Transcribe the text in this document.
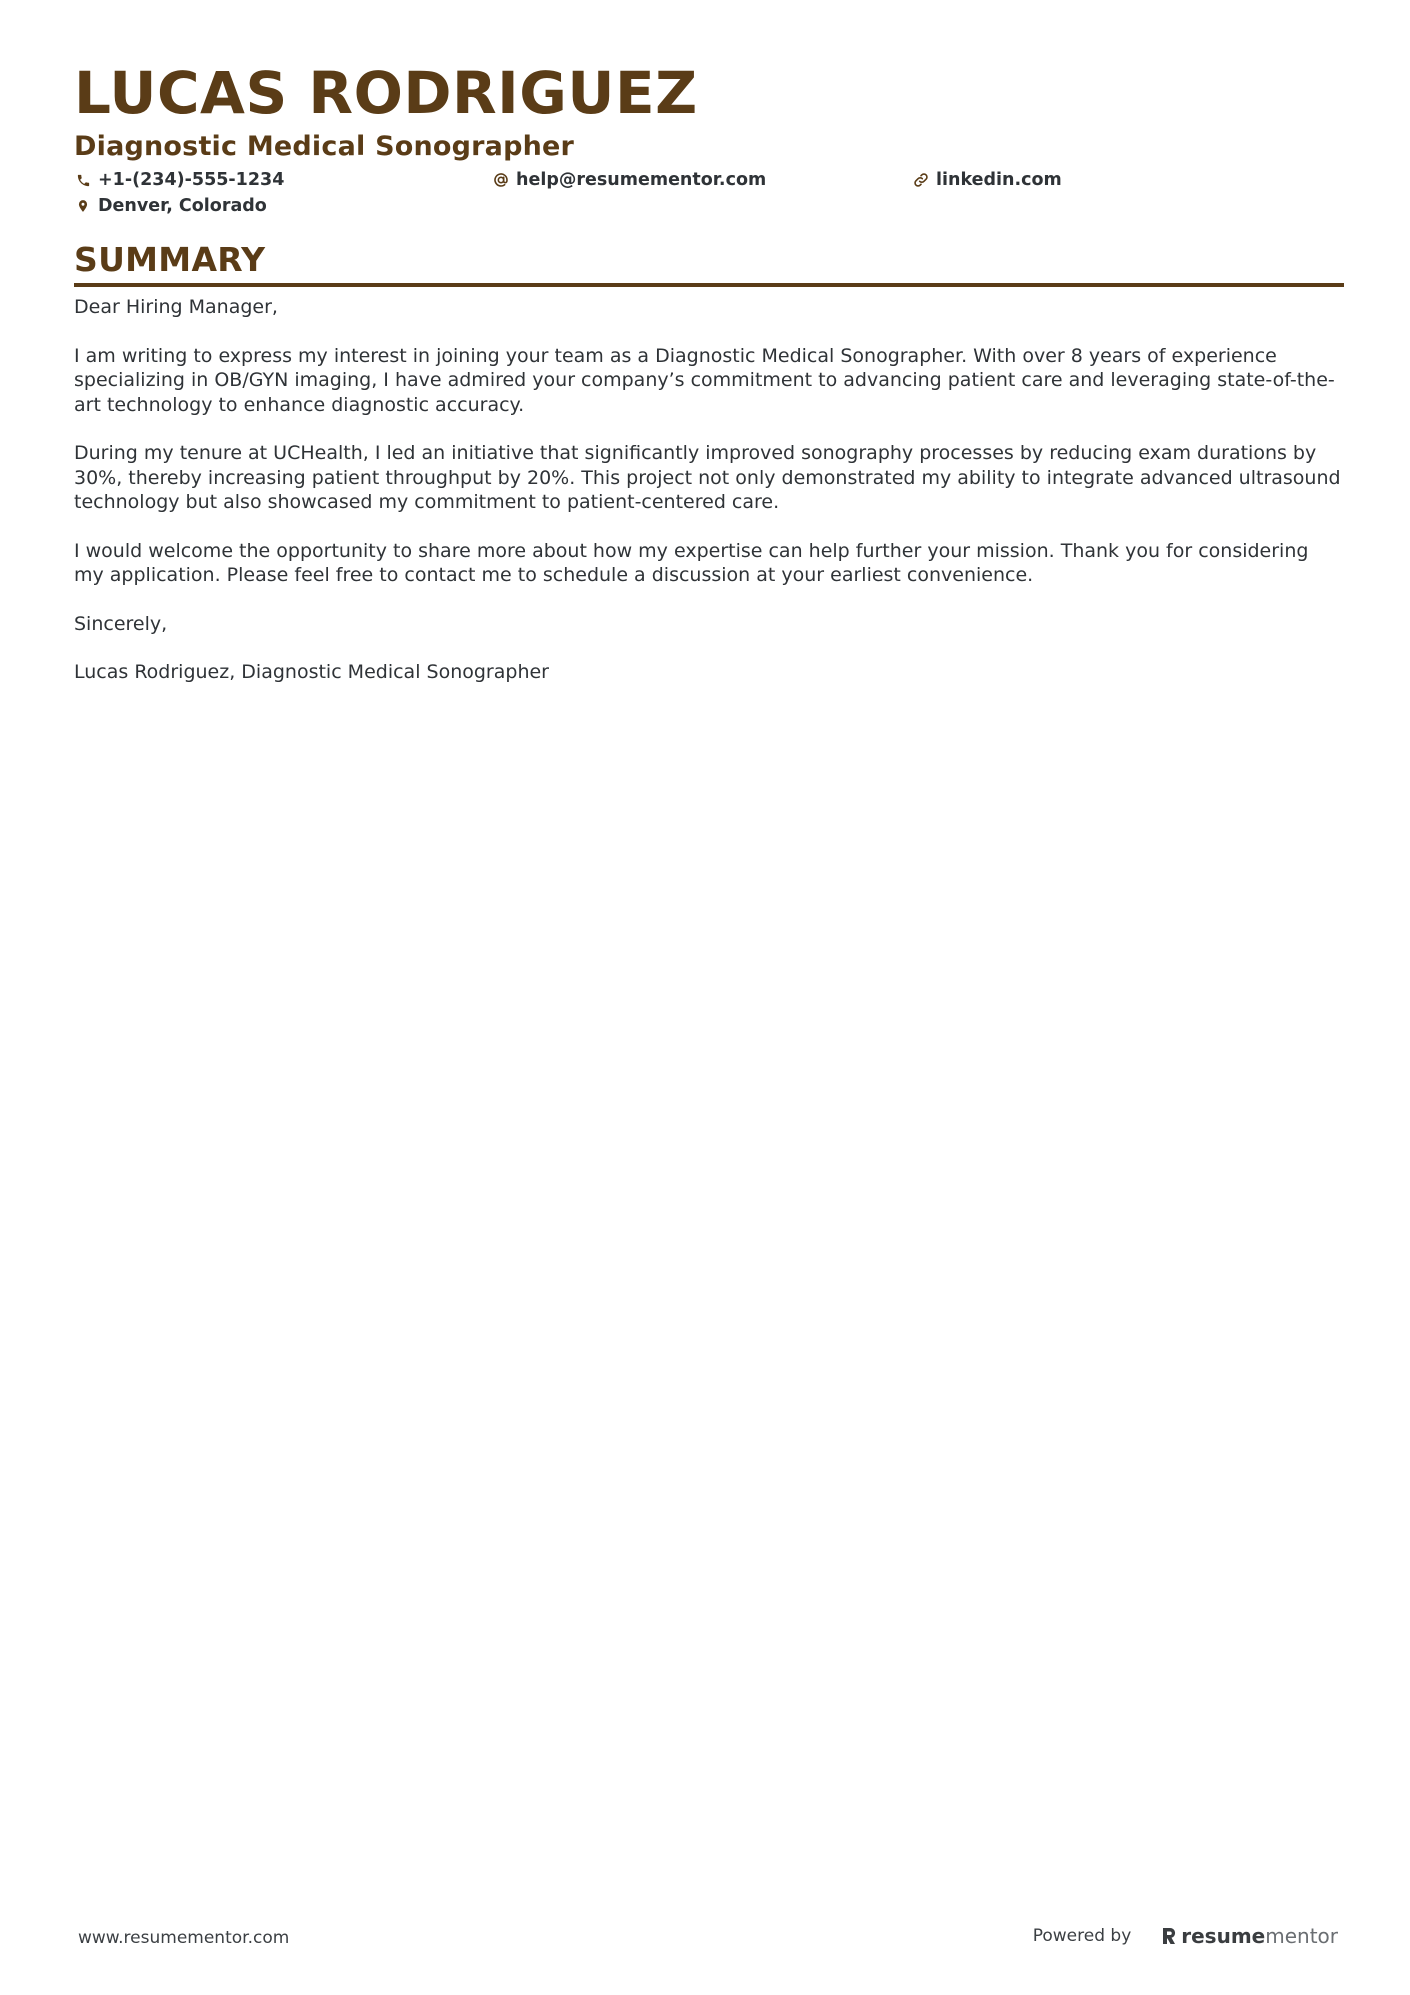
LUCAS RODRIGUEZ
Diagnostic Medical Sonographer
+1-(234)-555-1234	help@resumementor.com	linkedin.com
Denver, Colorado
SUMMARY

Dear Hiring Manager,

I am writing to express my interest in joining your team as a Diagnostic Medical Sonographer. With over 8 years of experience specializing in OB/GYN imaging, I have admired your company’s commitment to advancing patient care and leveraging state-of-the-art technology to enhance diagnostic accuracy.

During my tenure at UCHealth, I led an initiative that significantly improved sonography processes by reducing exam durations by 30%, thereby increasing patient throughput by 20%. This project not only demonstrated my ability to integrate advanced ultrasound technology but also showcased my commitment to patient-centered care.

I would welcome the opportunity to share more about how my expertise can help further your mission. Thank you for considering my application. Please feel free to contact me to schedule a discussion at your earliest convenience.

Sincerely,

Lucas Rodriguez, Diagnostic Medical Sonographer

www.resumementor.com	Powered by	resume mentor
